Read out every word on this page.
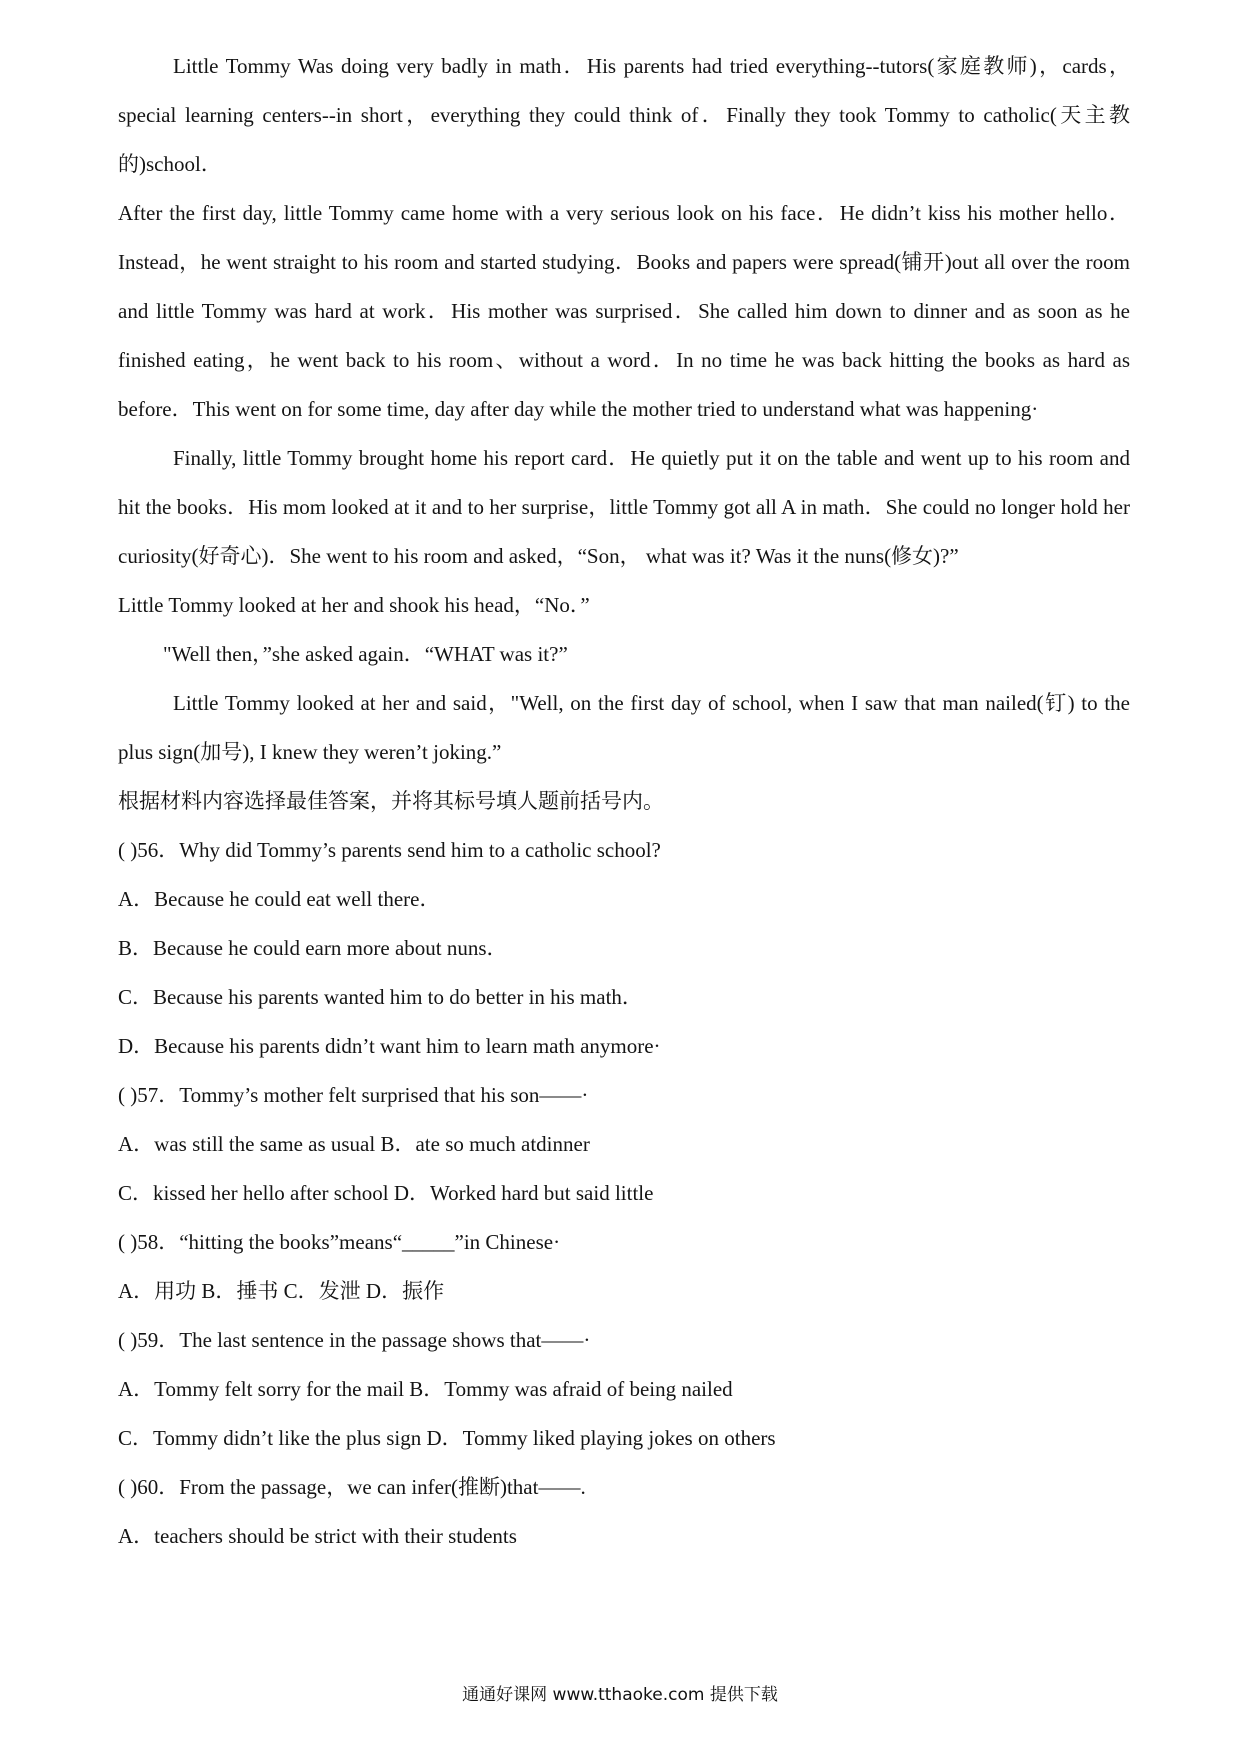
Little Tommy Was doing very badly in math．His parents had tried everything--tutors(家庭教师)，cards，special learning centers--in short，everything they could think of．Finally they took Tommy to catholic(天主教的)school．

After the first day, little Tommy came home with a very serious look on his face．He didn’t kiss his mother hello．Instead，he went straight to his room and started studying．Books and papers were spread(铺开)out all over the room and little Tommy was hard at work．His mother was surprised．She called him down to dinner and as soon as he finished eating，he went back to his room、without a word．In no time he was back hitting the books as hard as before．This went on for some time, day after day while the mother tried to understand what was happening·

Finally, little Tommy brought home his report card．He quietly put it on the table and went up to his room and hit the books．His mom looked at it and to her surprise，little Tommy got all A in math．She could no longer hold her curiosity(好奇心)．She went to his room and asked，“Son， what was it? Was it the nuns(修女)?”

Little Tommy looked at her and shook his head，“No．”

"Well then，”she asked again．“WHAT was it?”

Little Tommy looked at her and said，"Well, on the first day of school, when I saw that man nailed(钉) to the plus sign(加号), I knew they weren’t joking.”

根据材料内容选择最佳答案，并将其标号填人题前括号内。

( )56．Why did Tommy’s parents send him to a catholic school?

A．Because he could eat well there．

B．Because he could earn more about nuns．

C．Because his parents wanted him to do better in his math．

D．Because his parents didn’t want him to learn math anymore·

( )57．Tommy’s mother felt surprised that his son——·

A．was still the same as usual B．ate so much atdinner

C．kissed her hello after school D．Worked hard but said little

( )58．“hitting the books”means“_____”in Chinese·

A．用功 B．捶书 C．发泄 D．振作

( )59．The last sentence in the passage shows that——·

A．Tommy felt sorry for the mail B．Tommy was afraid of being nailed

C．Tommy didn’t like the plus sign D．Tommy liked playing jokes on others

( )60．From the passage，we can infer(推断)that——.

A．teachers should be strict with their students

通通好课网 www.tthaoke.com 提供下载
